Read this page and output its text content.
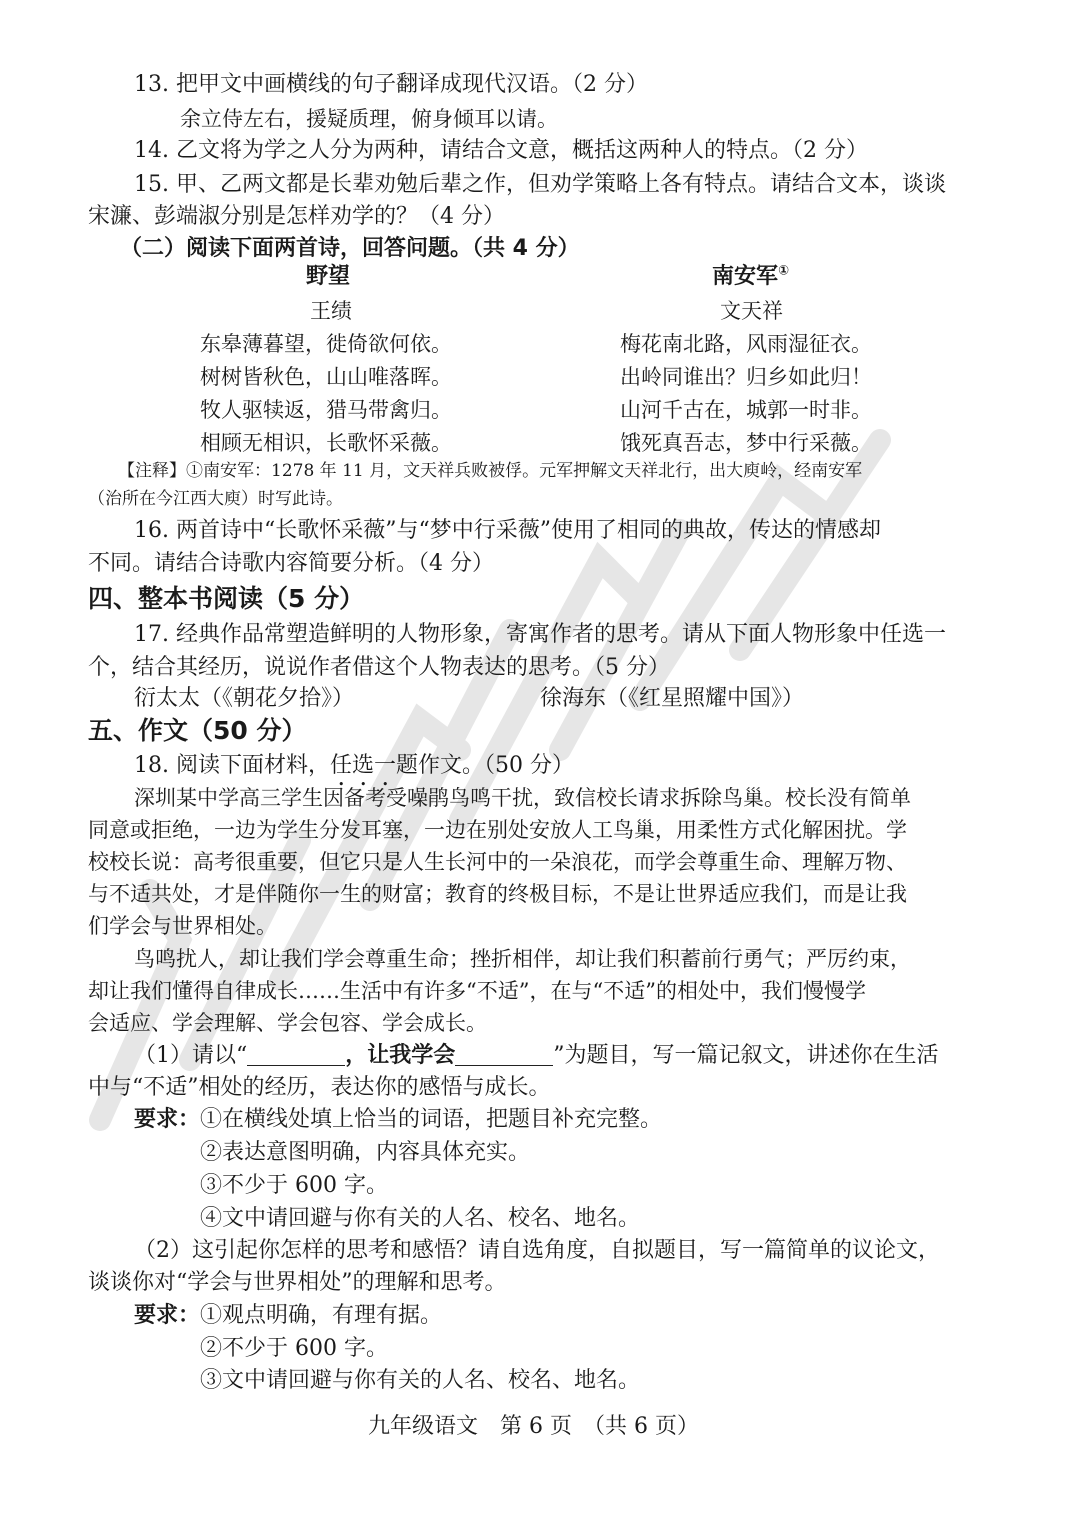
13. 把甲文中画横线的句子翻译成现代汉语。（2 分）
余立侍左右，援疑质理，俯身倾耳以请。
14. 乙文将为学之人分为两种，请结合文意，概括这两种人的特点。（2 分）
15. 甲、乙两文都是长辈劝勉后辈之作，但劝学策略上各有特点。请结合文本，谈谈
宋濂、彭端淑分别是怎样劝学的？（4 分）
（二）阅读下面两首诗，回答问题。（共 4 分）
野望
王绩
东皋薄暮望，徙倚欲何依。
树树皆秋色，山山唯落晖。
牧人驱犊返，猎马带禽归。
相顾无相识，长歌怀采薇。
南安军①
文天祥
梅花南北路，风雨湿征衣。
出岭同谁出？归乡如此归！
山河千古在，城郭一时非。
饿死真吾志，梦中行采薇。
【注释】①南安军：1278 年 11 月，文天祥兵败被俘。元军押解文天祥北行，出大庾岭，经南安军
（治所在今江西大庾）时写此诗。
16. 两首诗中“长歌怀采薇”与“梦中行采薇”使用了相同的典故，传达的情感却
不同。请结合诗歌内容简要分析。（4 分）
四、整本书阅读（5 分）
17. 经典作品常塑造鲜明的人物形象，寄寓作者的思考。请从下面人物形象中任选一
个，结合其经历，说说作者借这个人物表达的思考。（5 分）
衍太太（《朝花夕拾》）	徐海东（《红星照耀中国》）
五、作文（50 分）
18. 阅读下面材料，任选一题作文。（50 分）
深圳某中学高三学生因备考受噪鹃鸟鸣干扰，致信校长请求拆除鸟巢。校长没有简单
同意或拒绝，一边为学生分发耳塞，一边在别处安放人工鸟巢，用柔性方式化解困扰。学
校校长说：高考很重要，但它只是人生长河中的一朵浪花，而学会尊重生命、理解万物、
与不适共处，才是伴随你一生的财富；教育的终极目标，不是让世界适应我们，而是让我
们学会与世界相处。
鸟鸣扰人，却让我们学会尊重生命；挫折相伴，却让我们积蓄前行勇气；严厉约束，
却让我们懂得自律成长……生活中有许多“不适”，在与“不适”的相处中，我们慢慢学
会适应、学会理解、学会包容、学会成长。
（1）请以“	，让我学会	”为题目，写一篇记叙文，讲述你在生活
中与“不适”相处的经历，表达你的感悟与成长。
要求：①在横线处填上恰当的词语，把题目补充完整。
②表达意图明确，内容具体充实。
③不少于 600 字。
④文中请回避与你有关的人名、校名、地名。
（2）这引起你怎样的思考和感悟？请自选角度，自拟题目，写一篇简单的议论文，
谈谈你对“学会与世界相处”的理解和思考。
要求：①观点明确，有理有据。
②不少于 600 字。
③文中请回避与你有关的人名、校名、地名。
九年级语文　第 6 页　（共 6 页）
